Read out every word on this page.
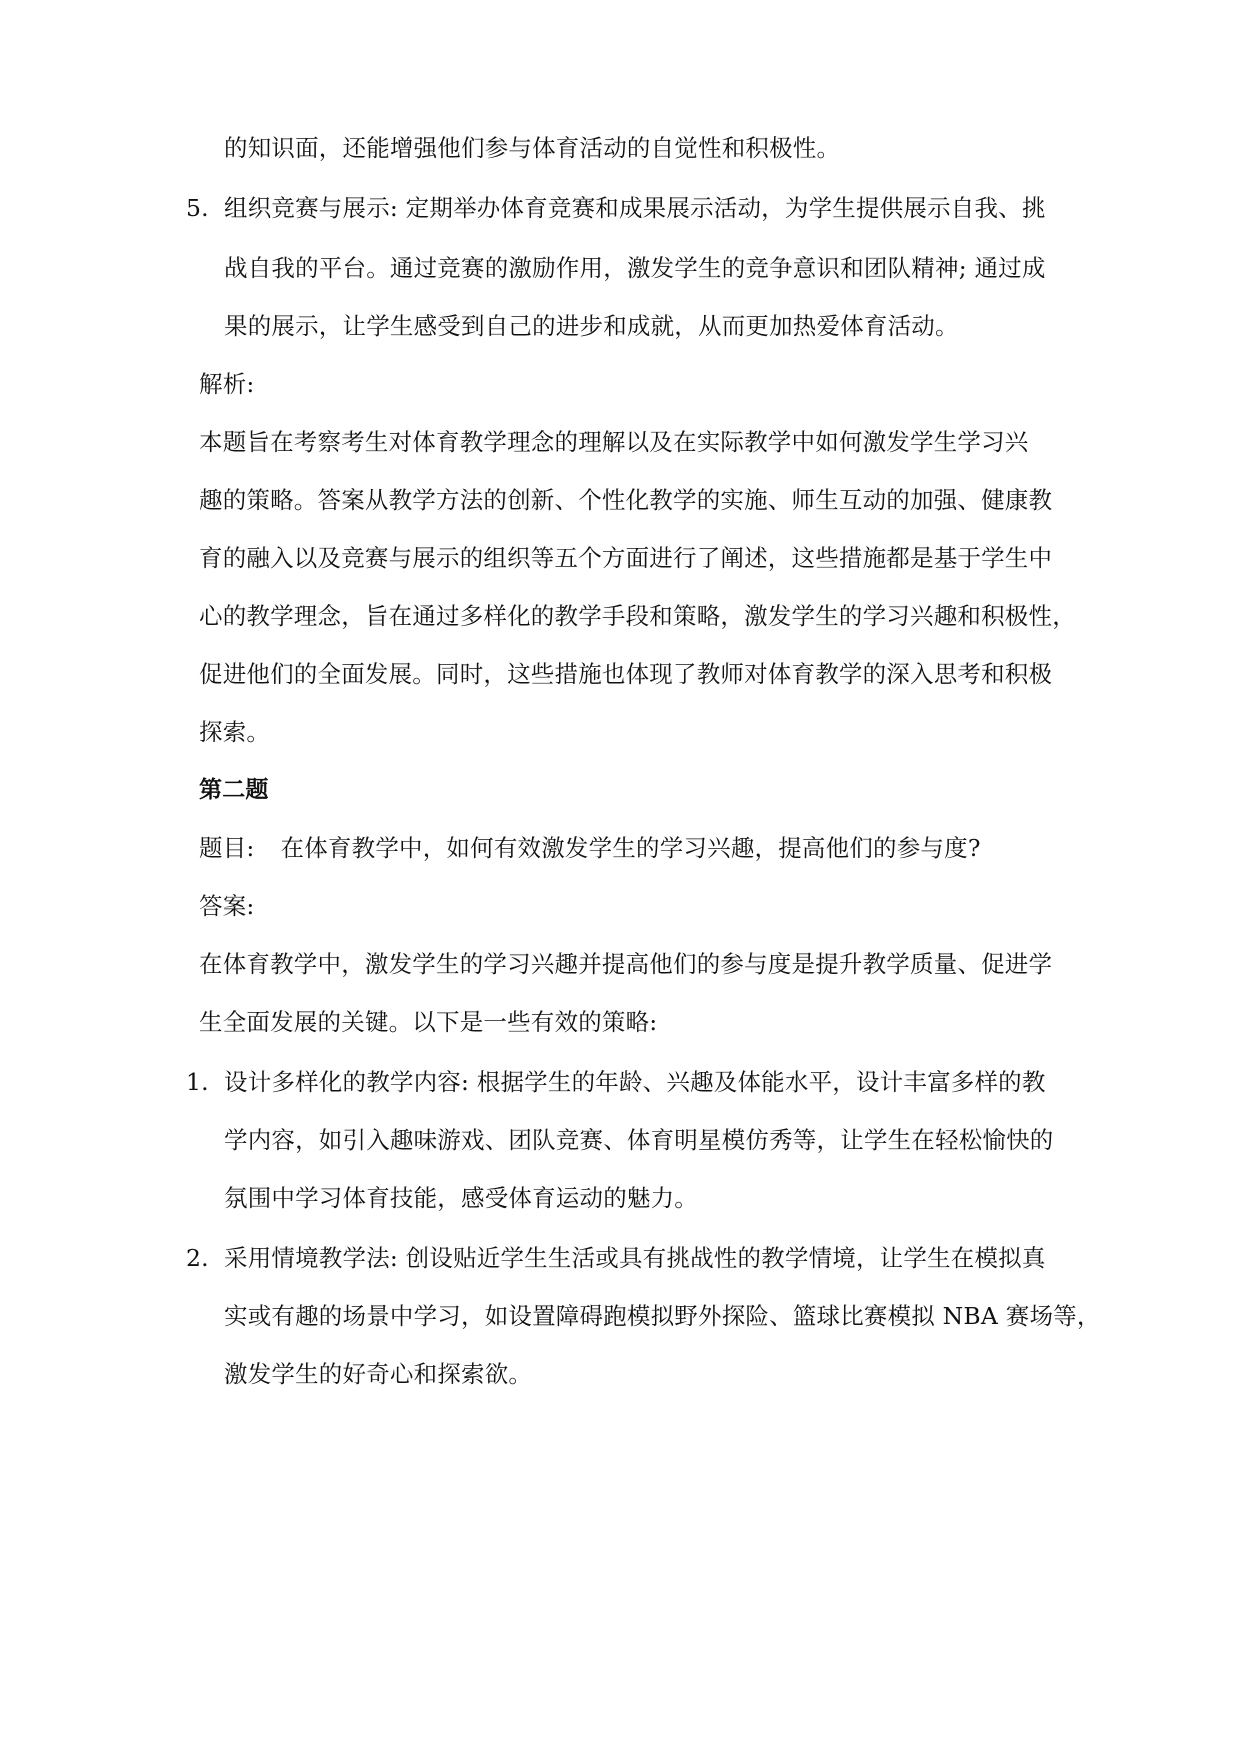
的知识面，还能增强他们参与体育活动的自觉性和积极性。
5. 组织竞赛与展示: 定期举办体育竞赛和成果展示活动，为学生提供展示自我、挑
战自我的平台。通过竞赛的激励作用，激发学生的竞争意识和团队精神; 通过成
果的展示，让学生感受到自己的进步和成就，从而更加热爱体育活动。
解析:
本题旨在考察考生对体育教学理念的理解以及在实际教学中如何激发学生学习兴
趣的策略。答案从教学方法的创新、个性化教学的实施、师生互动的加强、健康教
育的融入以及竞赛与展示的组织等五个方面进行了阐述，这些措施都是基于学生中
心的教学理念，旨在通过多样化的教学手段和策略，激发学生的学习兴趣和积极性，
促进他们的全面发展。同时，这些措施也体现了教师对体育教学的深入思考和积极
探索。
第二题
题目: 在体育教学中，如何有效激发学生的学习兴趣，提高他们的参与度?
答案:
在体育教学中，激发学生的学习兴趣并提高他们的参与度是提升教学质量、促进学
生全面发展的关键。以下是一些有效的策略:
1. 设计多样化的教学内容: 根据学生的年龄、兴趣及体能水平，设计丰富多样的教
学内容，如引入趣味游戏、团队竞赛、体育明星模仿秀等，让学生在轻松愉快的
氛围中学习体育技能，感受体育运动的魅力。
2. 采用情境教学法: 创设贴近学生生活或具有挑战性的教学情境，让学生在模拟真
实或有趣的场景中学习，如设置障碍跑模拟野外探险、篮球比赛模拟 NBA 赛场等，
激发学生的好奇心和探索欲。
